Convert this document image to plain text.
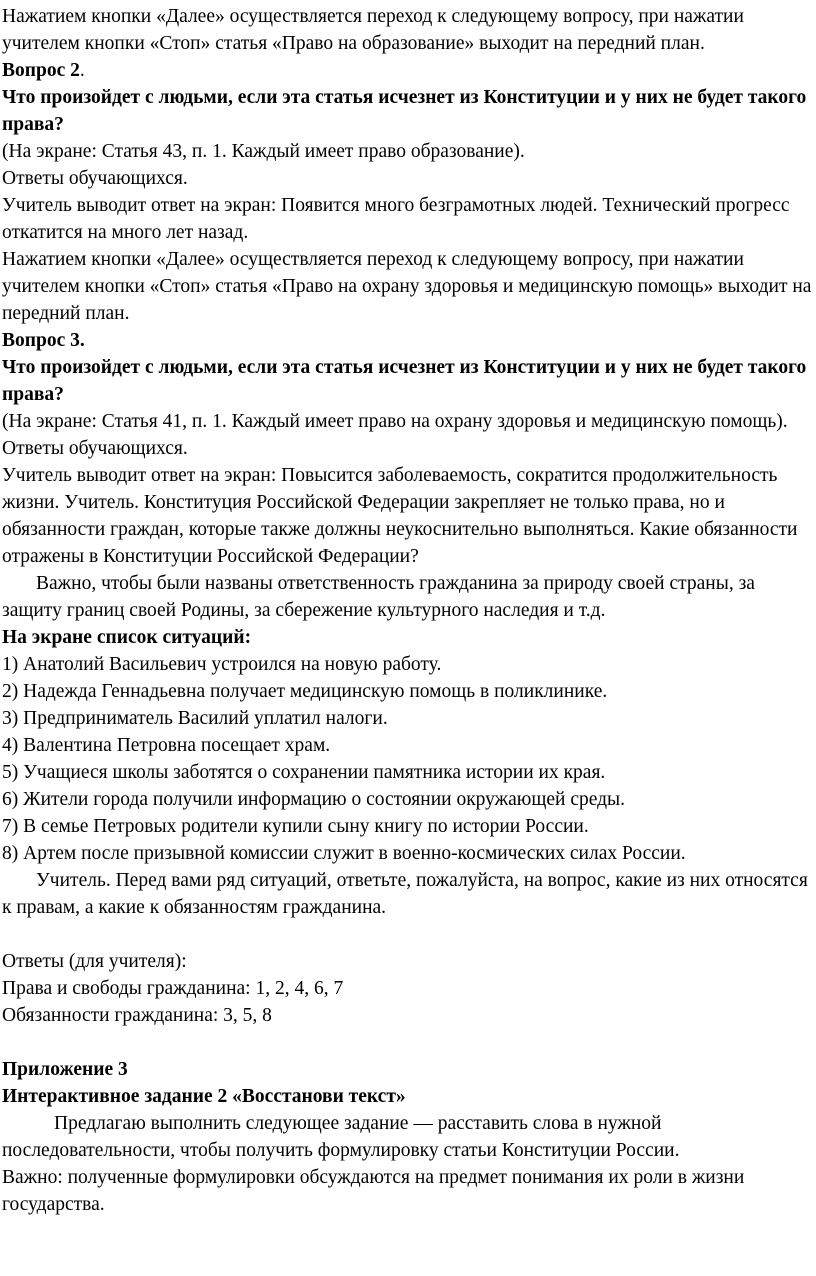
Нажатием кнопки «Далее» осуществляется переход к следующему вопросу, при нажатии учителем кнопки «Стоп» статья «Право на образование» выходит на передний план.

Вопрос 2.

Что произойдет с людьми, если эта статья исчезнет из Конституции и у них не будет такого права?

(На экране: Статья 43, п. 1. Каждый имеет право образование).

Ответы обучающихся.

Учитель выводит ответ на экран: Появится много безграмотных людей. Технический прогресс откатится на много лет назад.

Нажатием кнопки «Далее» осуществляется переход к следующему вопросу, при нажатии учителем кнопки «Стоп» статья «Право на охрану здоровья и медицинскую помощь» выходит на передний план.

Вопрос 3.

Что произойдет с людьми, если эта статья исчезнет из Конституции и у них не будет такого права?

(На экране: Статья 41, п. 1. Каждый имеет право на охрану здоровья и медицинскую помощь).

Ответы обучающихся.

Учитель выводит ответ на экран: Повысится заболеваемость, сократится продолжительность жизни. Учитель. Конституция Российской Федерации закрепляет не только права, но и обязанности граждан, которые также должны неукоснительно выполняться. Какие обязанности отражены в Конституции Российской Федерации?

Важно, чтобы были названы ответственность гражданина за природу своей страны, за защиту границ своей Родины, за сбережение культурного наследия и т.д.

На экране список ситуаций:

1) Анатолий Васильевич устроился на новую работу.

2) Надежда Геннадьевна получает медицинскую помощь в поликлинике.

3) Предприниматель Василий уплатил налоги.

4) Валентина Петровна посещает храм.

5) Учащиеся школы заботятся о сохранении памятника истории их края.

6) Жители города получили информацию о состоянии окружающей среды.

7) В семье Петровых родители купили сыну книгу по истории России.

8) Артем после призывной комиссии служит в военно-космических силах России.

Учитель. Перед вами ряд ситуаций, ответьте, пожалуйста, на вопрос, какие из них относятся к правам, а какие к обязанностям гражданина.

Ответы (для учителя):

Права и свободы гражданина: 1, 2, 4, 6, 7

Обязанности гражданина: 3, 5, 8

Приложение 3

Интерактивное задание 2 «Восстанови текст»

Предлагаю выполнить следующее задание — расставить слова в нужной последовательности, чтобы получить формулировку статьи Конституции России.

Важно: полученные формулировки обсуждаются на предмет понимания их роли в жизни государства.
